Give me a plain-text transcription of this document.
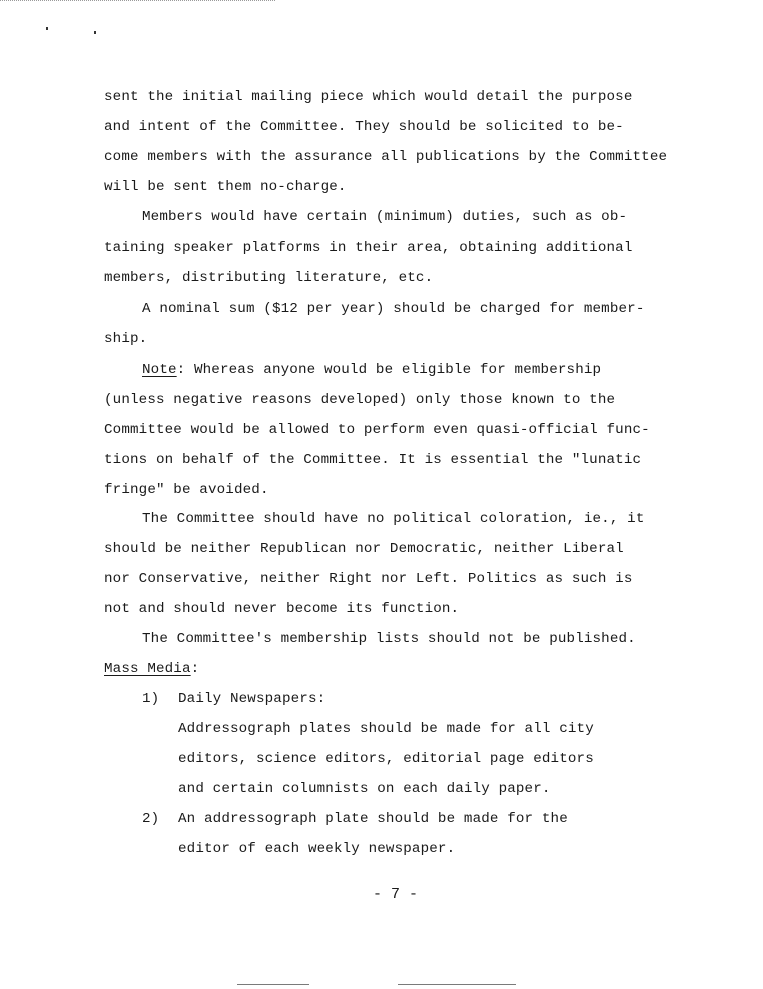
sent the initial mailing piece which would detail the purpose
and intent of the Committee. They should be solicited to be-
come members with the assurance all publications by the Committee
will be sent them no-charge.
Members would have certain (minimum) duties, such as ob-
taining speaker platforms in their area, obtaining additional
members, distributing literature, etc.
A nominal sum ($12 per year) should be charged for member-
ship.
Note: Whereas anyone would be eligible for membership
(unless negative reasons developed) only those known to the
Committee would be allowed to perform even quasi-official func-
tions on behalf of the Committee. It is essential the "lunatic
fringe" be avoided.
The Committee should have no political coloration, ie., it
should be neither Republican nor Democratic, neither Liberal
nor Conservative, neither Right nor Left. Politics as such is
not and should never become its function.
The Committee's membership lists should not be published.
Mass Media:
1) Daily Newspapers:
Addressograph plates should be made for all city
editors, science editors, editorial page editors
and certain columnists on each daily paper.
2) An addressograph plate should be made for the
editor of each weekly newspaper.
- 7 -
